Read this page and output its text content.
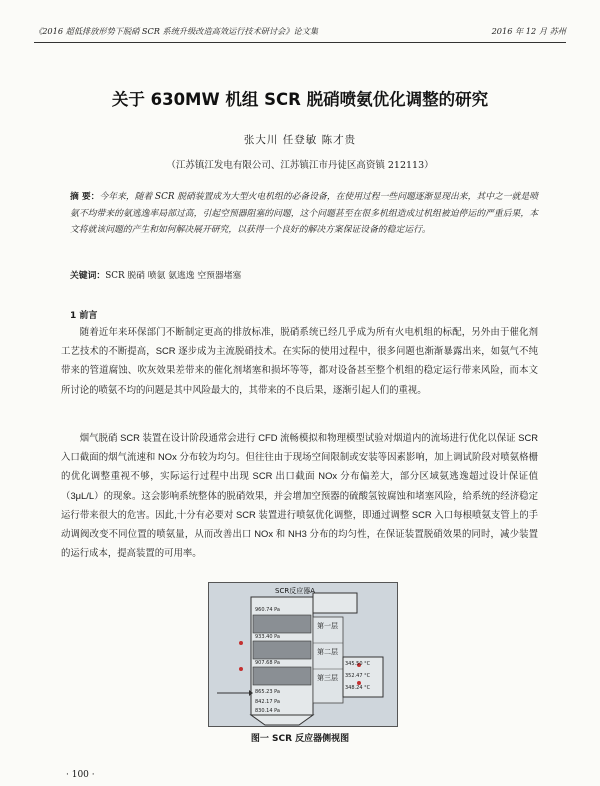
《2016 超低排放形势下脱硝 SCR 系统升级改造高效运行技术研讨会》论文集	2016 年 12 月 苏州
关于 630MW 机组 SCR 脱硝喷氨优化调整的研究
张大川 任登敏 陈才贵
（江苏镇江发电有限公司、江苏镇江市丹徒区高资镇 212113）
摘 要：今年来，随着 SCR 脱硝装置成为大型火电机组的必备设备，在使用过程一些问题逐渐显现出来，其中之一就是喷氨不均带来的氨逃逸率局部过高，引起空预器阻塞的问题，这个问题甚至在很多机组造成过机组被迫停运的严重后果，本文将就该问题的产生和如何解决展开研究，以获得一个良好的解决方案保证设备的稳定运行。
关键词：SCR 脱硝 喷氨 氨逃逸 空预器堵塞
1 前言

随着近年来环保部门不断制定更高的排放标准，脱硝系统已经几乎成为所有火电机组的标配，另外由于催化剂工艺技术的不断提高，SCR 逐步成为主流脱硝技术。在实际的使用过程中，很多问题也渐渐暴露出来，如氨气不纯带来的管道腐蚀、吹灰效果差带来的催化剂堵塞和损坏等等，都对设备甚至整个机组的稳定运行带来风险，而本文所讨论的喷氨不均的问题是其中风险最大的，其带来的不良后果，逐渐引起人们的重视。

烟气脱硝 SCR 装置在设计阶段通常会进行 CFD 流畅模拟和物理模型试验对烟道内的流场进行优化以保证 SCR 入口截面的烟气流速和 NOx 分布较为均匀。但往往由于现场空间限制或安装等因素影响，加上调试阶段对喷氨格栅的优化调整重视不够，实际运行过程中出现 SCR 出口截面 NOx 分布偏差大，部分区域氨逃逸超过设计保证值（3μL/L）的现象。这会影响系统整体的脱硝效果，并会增加空预器的硫酸氢铵腐蚀和堵塞风险，给系统的经济稳定运行带来很大的危害。因此,十分有必要对 SCR 装置进行喷氨优化调整，即通过调整 SCR 入口每根喷氨支管上的手动调阀改变不同位置的喷氨量，从而改善出口 NOx 和 NH3 分布的均匀性，在保证装置脱硝效果的同时，减少装置的运行成本，提高装置的可用率。

SCR反应器A
第一层
第二层
第三层
960.74 Pa
933.40 Pa
907.68 Pa
865.23 Pa
842.17 Pa
830.14 Pa
345.50 °C
352.47 °C
348.24 °C
图一 SCR 反应器侧视图
· 100 ·
